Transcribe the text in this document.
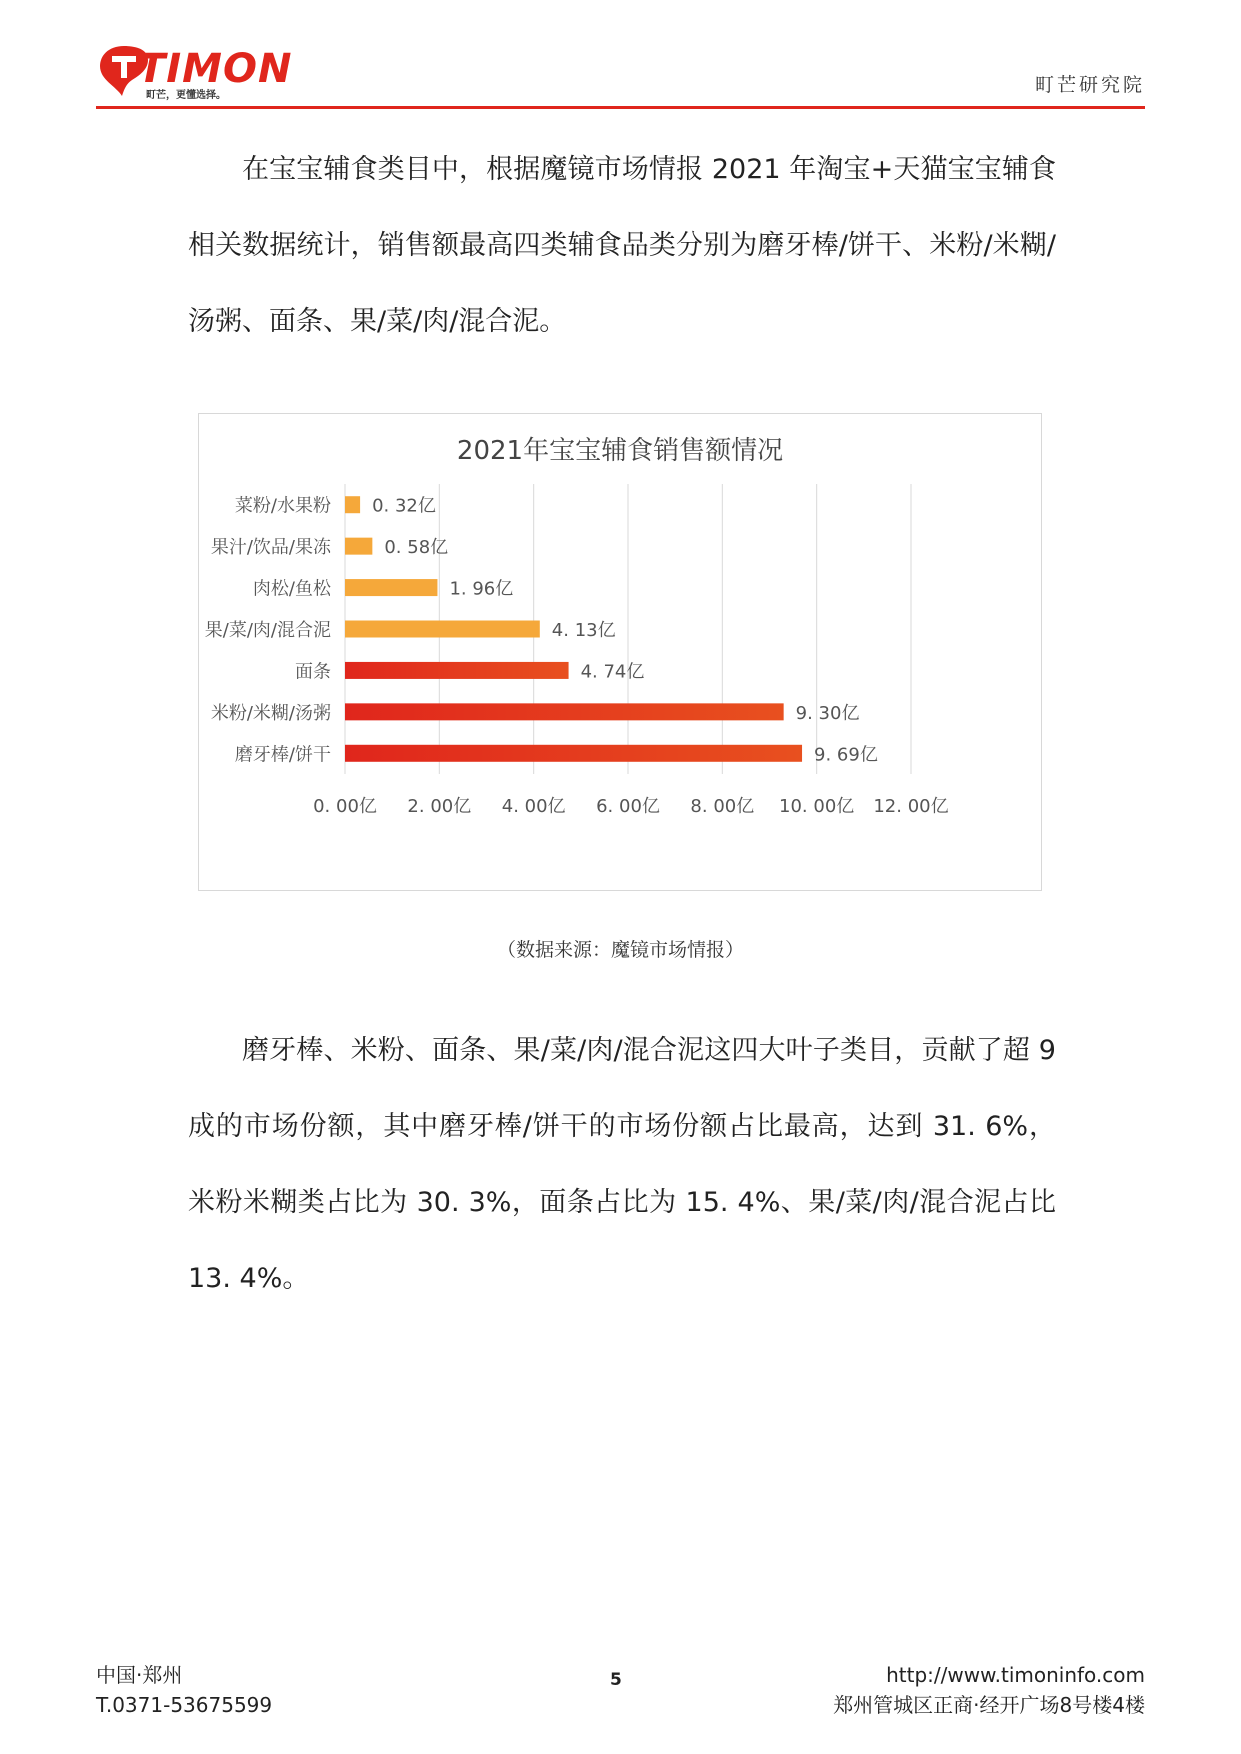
TIMON
町芒，更懂选择。	町芒研究院

在宝宝辅食类目中，根据魔镜市场情报 2021 年淘宝+天猫宝宝辅食相关数据统计，销售额最高四类辅食品类分别为磨牙棒/饼干、米粉/米糊/汤粥、面条、果/菜/肉/混合泥。

2021年宝宝辅食销售额情况
0. 00亿 2. 00亿 4. 00亿 6. 00亿 8. 00亿 10. 00亿 12. 00亿
菜粉/水果粉 0. 32亿
果汁/饮品/果冻	0. 58亿
肉松/鱼松	1. 96亿
果/菜/肉/混合泥	4. 13亿
面条	4. 74亿
米粉/米糊/汤粥	9. 30亿
磨牙棒/饼干	9. 69亿
（数据来源：魔镜市场情报）

磨牙棒、米粉、面条、果/菜/肉/混合泥这四大叶子类目，贡献了超 9 成的市场份额，其中磨牙棒/饼干的市场份额占比最高，达到 31. 6%，米粉米糊类占比为 30. 3%，面条占比为 15. 4%、果/菜/肉/混合泥占比 13. 4%。

中国·郑州
T.0371-53675599
5	http://www.timoninfo.com
郑州管城区正商·经开广场8号楼4楼
